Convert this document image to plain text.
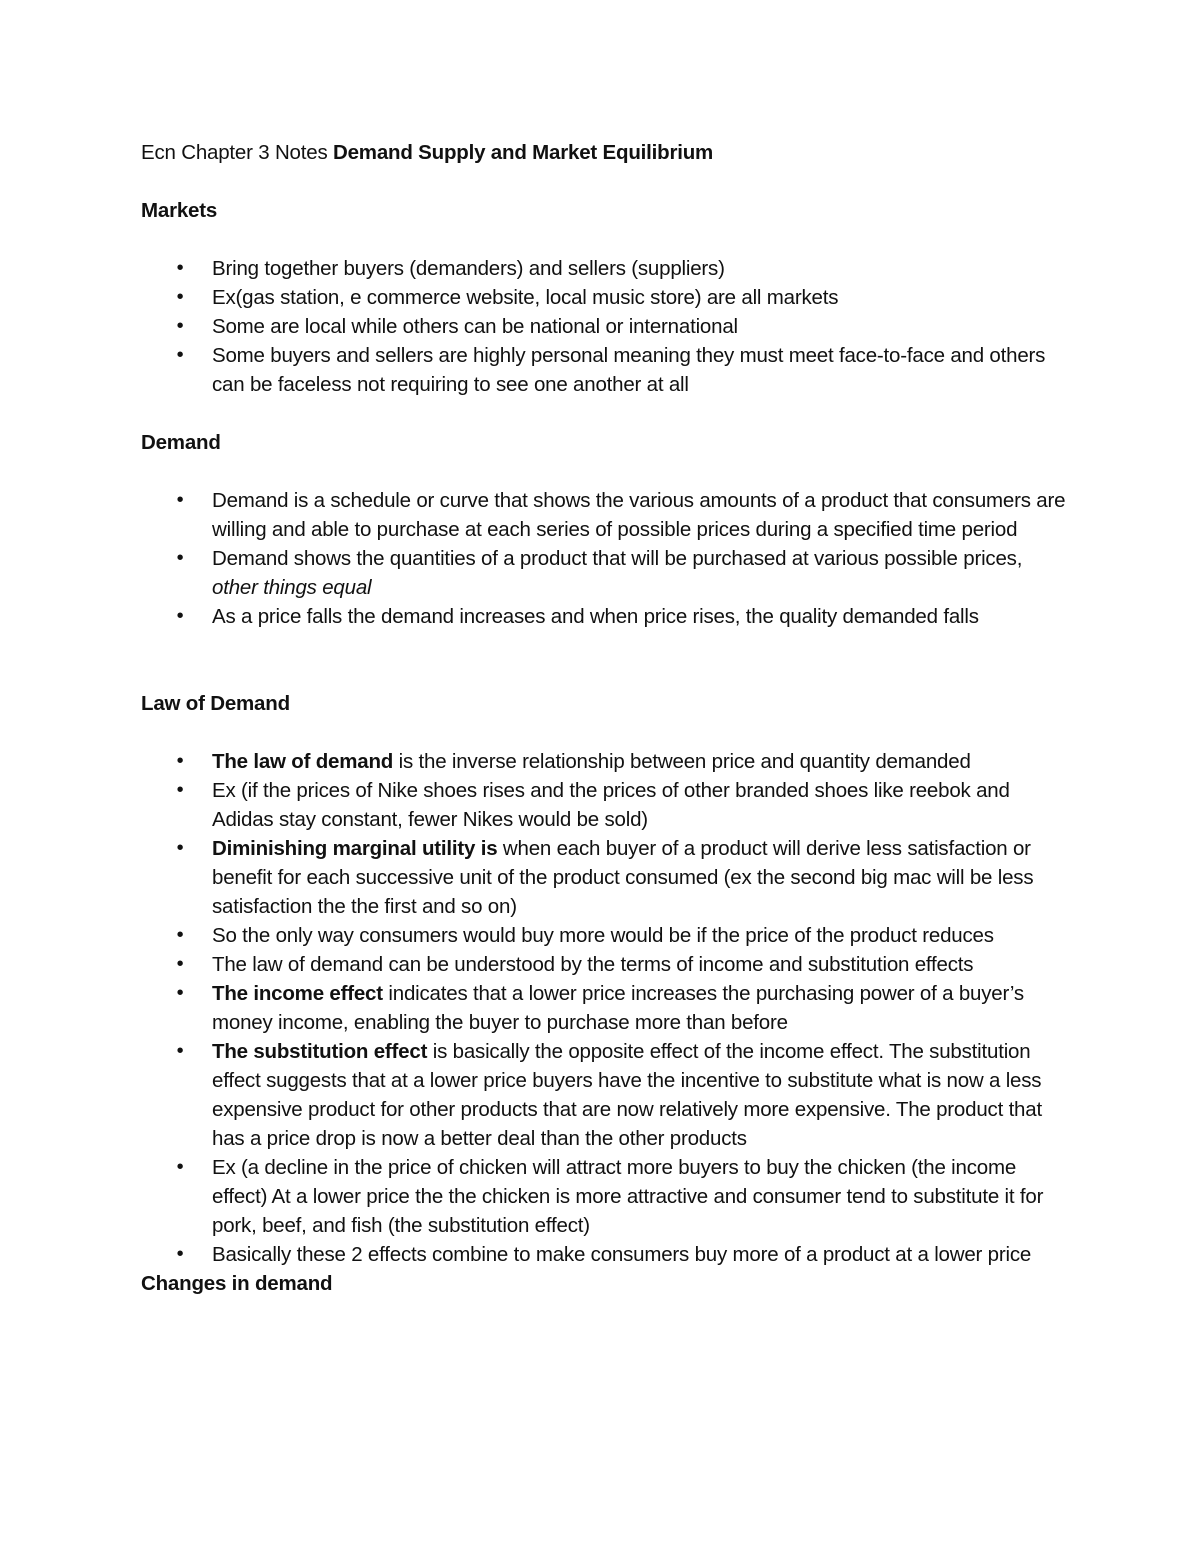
Ecn Chapter 3 Notes Demand Supply and Market Equilibrium
Markets
• Bring together buyers (demanders) and sellers (suppliers)
• Ex(gas station, e commerce website, local music store) are all markets
• Some are local while others can be national or international
• Some buyers and sellers are highly personal meaning they must meet face-to-face and others can be faceless not requiring to see one another at all
Demand
• Demand is a schedule or curve that shows the various amounts of a product that consumers are willing and able to purchase at each series of possible prices during a specified time period
• Demand shows the quantities of a product that will be purchased at various possible prices, other things equal
• As a price falls the demand increases and when price rises, the quality demanded falls
Law of Demand
• The law of demand is the inverse relationship between price and quantity demanded
• Ex (if the prices of Nike shoes rises and the prices of other branded shoes like reebok and Adidas stay constant, fewer Nikes would be sold)
• Diminishing marginal utility is when each buyer of a product will derive less satisfaction or benefit for each successive unit of the product consumed (ex the second big mac will be less satisfaction the the first and so on)
• So the only way consumers would buy more would be if the price of the product reduces
• The law of demand can be understood by the terms of income and substitution effects
• The income effect indicates that a lower price increases the purchasing power of a buyer’s money income, enabling the buyer to purchase more than before
• The substitution effect is basically the opposite effect of the income effect. The substitution effect suggests that at a lower price buyers have the incentive to substitute what is now a less expensive product for other products that are now relatively more expensive. The product that has a price drop is now a better deal than the other products
• Ex (a decline in the price of chicken will attract more buyers to buy the chicken (the income effect) At a lower price the the chicken is more attractive and consumer tend to substitute it for pork, beef, and fish (the substitution effect)
• Basically these 2 effects combine to make consumers buy more of a product at a lower price
Changes in demand
